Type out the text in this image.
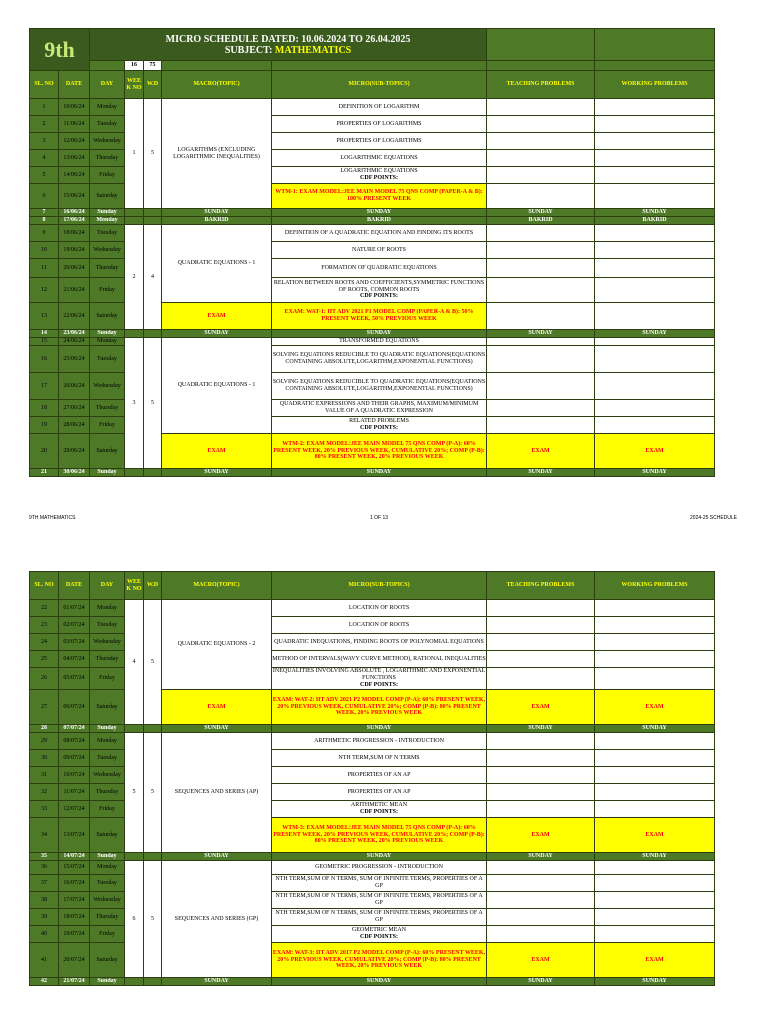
9th		MICRO SCHEDULE DATED: 10.06.2024 TO 26.04.2025
SUBJECT: MATHEMATICS						
			16	75				
SL. NO	DATE	DAY	WEE K NO	W.D	MACRO(TOPIC)	MICRO(SUB-TOPICS)	TEACHING PROBLEMS	WORKING PROBLEMS
1	10/06/24	Monday	1	5	LOGARITHMS (EXCLUDING LOGARITHMIC INEQUALITIES)	DEFINITION OF LOGARITHM		

2	11/06/24	Tuesday				PROPERTIES OF LOGARITHMS		

3	12/06/24	Wednesday				PROPERTIES OF LOGARITHMS		

4	13/06/24	Thursday				LOGARITHMIC EQUATIONS		

5	14/06/24	Friday				LOGARITHMIC EQUATIONS
CDF POINTS:		

6	15/06/24	Saturday				WTM-1: EXAM MODEL:JEE MAIN MODEL 75 QNS COMP (PAPER-A & B): 100% PRESENT WEEK		

7	16/06/24	Sunday			SUNDAY	SUNDAY	SUNDAY	SUNDAY
8	17/06/24	Monday			BAKRID	BAKRID	BAKRID	BAKRID
9	18/06/24	Tuesday	2	4	QUADRATIC EQUATIONS - 1	DEFINITION OF A QUADRATIC EQUATION AND FINDING ITS ROOTS		

10	19/06/24	Wednesday				NATURE OF ROOTS		

11	20/06/24	Thursday				FORMATION OF QUADRATIC EQUATIONS		

12	21/06/24	Friday				RELATION BETWEEN ROOTS AND COEFFICIENTS,SYMMETRIC FUNCTIONS OF ROOTS, COMMON ROOTS
CDF POINTS:		

13	22/06/24	Saturday			EXAM	EXAM: WAT-1: IIT ADV 2021 P1 MODEL COMP (PAPER-A & B): 50% PRESENT WEEK, 50% PREVIOUS WEEK		

14	23/06/24	Sunday			SUNDAY	SUNDAY	SUNDAY	SUNDAY
15	24/06/24	Monday	3	5	QUADRATIC EQUATIONS - 1	TRANSFORMED EQUATIONS		

16	25/06/24	Tuesday				SOLVING EQUATIONS REDUCIBLE TO QUADRATIC EQUATIONS(EQUATIONS CONTAINING ABSOLUTE,LOGARITHM,EXPONENTIAL FUNCTIONS)		

17	26/06/24	Wednesday				SOLVING EQUATIONS REDUCIBLE TO QUADRATIC EQUATIONS(EQUATIONS CONTAINING ABSOLUTE,LOGARITHM,EXPONENTIAL FUNCTIONS)		

18	27/06/24	Thursday				QUADRATIC EXPRESSIONS AND THEIR GRAPHS, MAXIMUM/MINIMUM VALUE OF A QUADRATIC EXPRESSION		

19	28/06/24	Friday				RELATED PROBLEMS
CDF POINTS:		

20	29/06/24	Saturday			EXAM	WTM-2: EXAM MODEL:JEE MAIN MODEL 75 QNS COMP (P-A): 60% PRESENT WEEK, 20% PREVIOUS WEEK, CUMULATIVE 20%; COMP (P-B): 80% PRESENT WEEK, 20% PREVIOUS WEEK	EXAM	EXAM
21	30/06/24	Sunday			SUNDAY	SUNDAY	SUNDAY	SUNDAY
9TH MATHEMATICS	1 OF 13	2024-25 SCHEDULE
SL. NO	DATE	DAY	WEE K NO	W.D	MACRO(TOPIC)	MICRO(SUB-TOPICS)	TEACHING PROBLEMS	WORKING PROBLEMS
22	01/07/24	Monday	4	5	QUADRATIC EQUATIONS - 2	LOCATION OF ROOTS		

23	02/07/24	Tuesday				LOCATION OF ROOTS		

24	03/07/24	Wednesday				QUADRATIC INEQUATIONS, FINDING ROOTS OF POLYNOMIAL EQUATIONS		

25	04/07/24	Thursday				METHOD OF INTERVALS(WAVY CURVE METHOD), RATIONAL INEQUALITIES		

26	05/07/24	Friday				INEQUALITIES INVOLVING ABSOLUTE , LOGARITHMIC AND EXPONENTIAL FUNCTIONS
CDF POINTS:		

27	06/07/24	Saturday			EXAM	EXAM: WAT-2: IIT ADV 2021 P2 MODEL COMP (P-A): 60% PRESENT WEEK, 20% PREVIOUS WEEK, CUMULATIVE 20%; COMP (P-B): 80% PRESENT WEEK, 20% PREVIOUS WEEK	EXAM	EXAM
28	07/07/24	Sunday			SUNDAY	SUNDAY	SUNDAY	SUNDAY
29	08/07/24	Monday	5	5	SEQUENCES AND SERIES (AP)	ARITHMETIC PROGRESSION - INTRODUCTION		

30	09/07/24	Tuesday				NTH TERM,SUM OF N TERMS		

31	10/07/24	Wednesday				PROPERTIES OF AN AP		

32	11/07/24	Thursday				PROPERTIES OF AN AP		

33	12/07/24	Friday				ARITHMETIC MEAN
CDF POINTS:		

34	13/07/24	Saturday				WTM-3: EXAM MODEL:JEE MAIN MODEL 75 QNS COMP (P-A): 60% PRESENT WEEK, 20% PREVIOUS WEEK, CUMULATIVE 20%; COMP (P-B): 80% PRESENT WEEK, 20% PREVIOUS WEEK	EXAM	EXAM
35	14/07/24	Sunday			SUNDAY	SUNDAY	SUNDAY	SUNDAY
36	15/07/24	Monday	6	5	SEQUENCES AND SERIES (GP)	GEOMETRIC PROGRESSION - INTRODUCTION		

37	16/07/24	Tuesday				NTH TERM,SUM OF N TERMS, SUM OF INFINITE TERMS, PROPERTIES OF A GP		

38	17/07/24	Wednesday				NTH TERM,SUM OF N TERMS, SUM OF INFINITE TERMS, PROPERTIES OF A GP		

39	18/07/24	Thursday				NTH TERM,SUM OF N TERMS, SUM OF INFINITE TERMS, PROPERTIES OF A GP		

40	19/07/24	Friday				GEOMETRIC MEAN
CDF POINTS:		

41	20/07/24	Saturday				EXAM: WAT-3: IIT ADV 2017 P2 MODEL COMP (P-A): 60% PRESENT WEEK, 20% PREVIOUS WEEK, CUMULATIVE 20%; COMP (P-B): 80% PRESENT WEEK, 20% PREVIOUS WEEK	EXAM	EXAM
42	21/07/24	Sunday			SUNDAY	SUNDAY	SUNDAY	SUNDAY
